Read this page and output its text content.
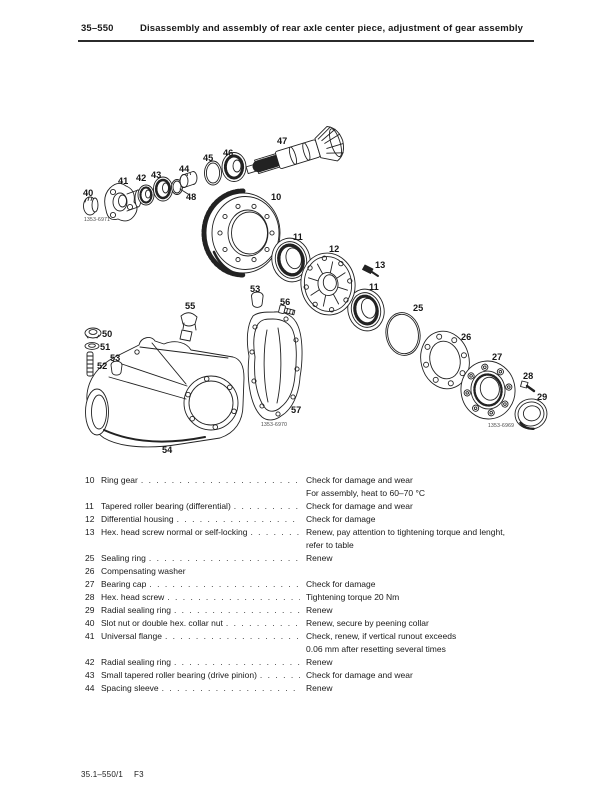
35–550	Disassembly and assembly of rear axle center piece, adjustment of gear assembly
40
41 42 43
44
45 46
47
48	10
11
12
13
11
25
26
27
28
29
50
51
52
53
53
55	56
57
54
1353-6971
1353-6970	1353-6969
10 Ring gear . . .	Check for damage and wear
For assembly, heat to 60–70 °C
11 Tapered roller bearing (differential) . . .	Check for damage and wear
12 Differential housing . . .	Check for damage
13 Hex. head screw normal or self-locking . . .	Renew, pay attention to tightening torque and lenght,
refer to table
25 Sealing ring . . .	Renew
26 Compensating washer
27 Bearing cap . . .	Check for damage
28 Hex. head screw . . .	Tightening torque 20 Nm
29 Radial sealing ring . . .	Renew
40 Slot nut or double hex. collar nut . . .	Renew, secure by peening collar
41 Universal flange . . .	Check, renew, if vertical runout exceeds
0.06 mm after resetting several times
42 Radial sealing ring . . .	Renew
43 Small tapered roller bearing (drive pinion) . . .	Check for damage and wear
44 Spacing sleeve . . .	Renew
35.1–550/1 F3
